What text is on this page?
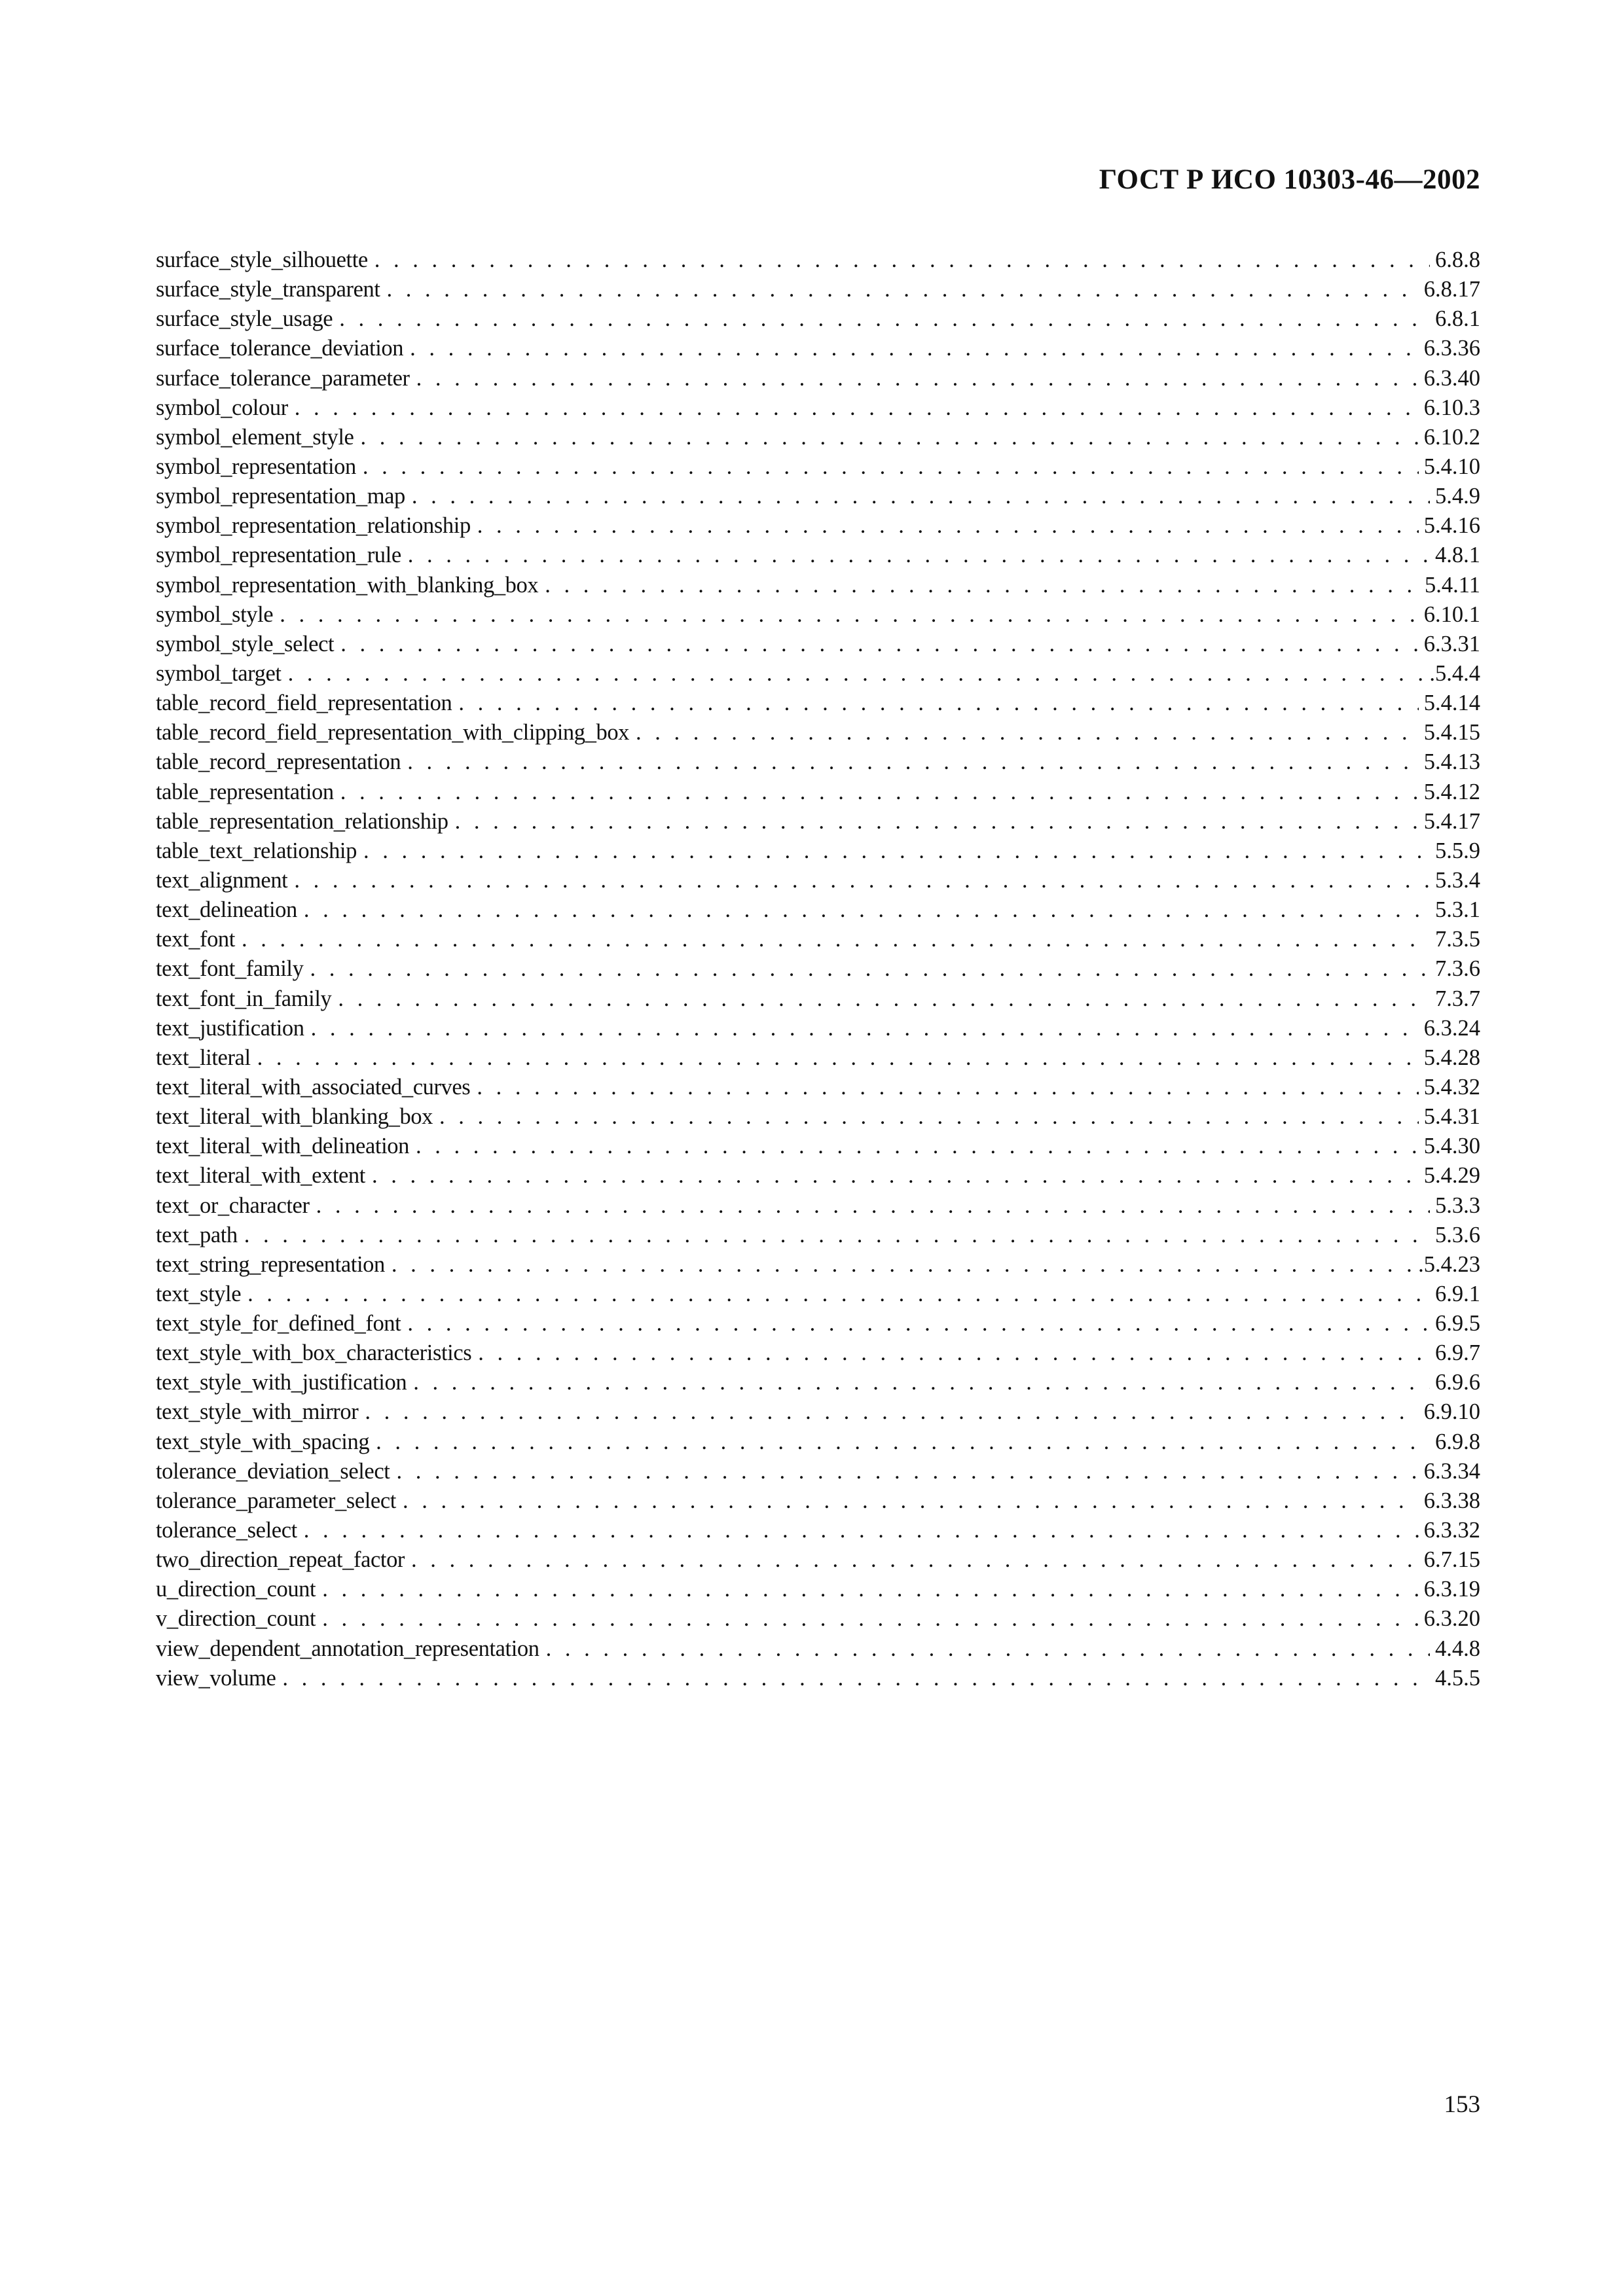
ГОСТ Р ИСО 10303-46—2002
surface_style_silhouette . . .	6.8.8
surface_style_transparent . . .	6.8.17
surface_style_usage . . .	6.8.1
surface_tolerance_deviation . . .	6.3.36
surface_tolerance_parameter . . .	6.3.40
symbol_colour . . .	6.10.3
symbol_element_style . . .	6.10.2
symbol_representation . . .	5.4.10
symbol_representation_map . . .	5.4.9
symbol_representation_relationship . . .	5.4.16
symbol_representation_rule . . .	4.8.1
symbol_representation_with_blanking_box . . .	5.4.11
symbol_style . . .	6.10.1
symbol_style_select . . .	6.3.31
symbol_target . . .	.5.4.4
table_record_field_representation . . .	5.4.14
table_record_field_representation_with_clipping_box . . .	5.4.15
table_record_representation . . .	5.4.13
table_representation . . .	5.4.12
table_representation_relationship . . .	5.4.17
table_text_relationship . . .	5.5.9
text_alignment . . .	5.3.4
text_delineation . . .	5.3.1
text_font . . .	7.3.5
text_font_family . . .	7.3.6
text_font_in_family . . .	7.3.7
text_justification . . .	6.3.24
text_literal . . .	5.4.28
text_literal_with_associated_curves . . .	5.4.32
text_literal_with_blanking_box . . .	5.4.31
text_literal_with_delineation . . .	5.4.30
text_literal_with_extent . . .	5.4.29
text_or_character . . .	5.3.3
text_path . . .	5.3.6
text_string_representation . . .	.5.4.23
text_style . . .	6.9.1
text_style_for_defined_font . . .	6.9.5
text_style_with_box_characteristics . . .	6.9.7
text_style_with_justification . . .	6.9.6
text_style_with_mirror . . .	6.9.10
text_style_with_spacing . . .	6.9.8
tolerance_deviation_select . . .	6.3.34
tolerance_parameter_select . . .	6.3.38
tolerance_select . . .	6.3.32
two_direction_repeat_factor . . .	6.7.15
u_direction_count . . .	6.3.19
v_direction_count . . .	6.3.20
view_dependent_annotation_representation . . .	4.4.8
view_volume . . .	4.5.5
153
